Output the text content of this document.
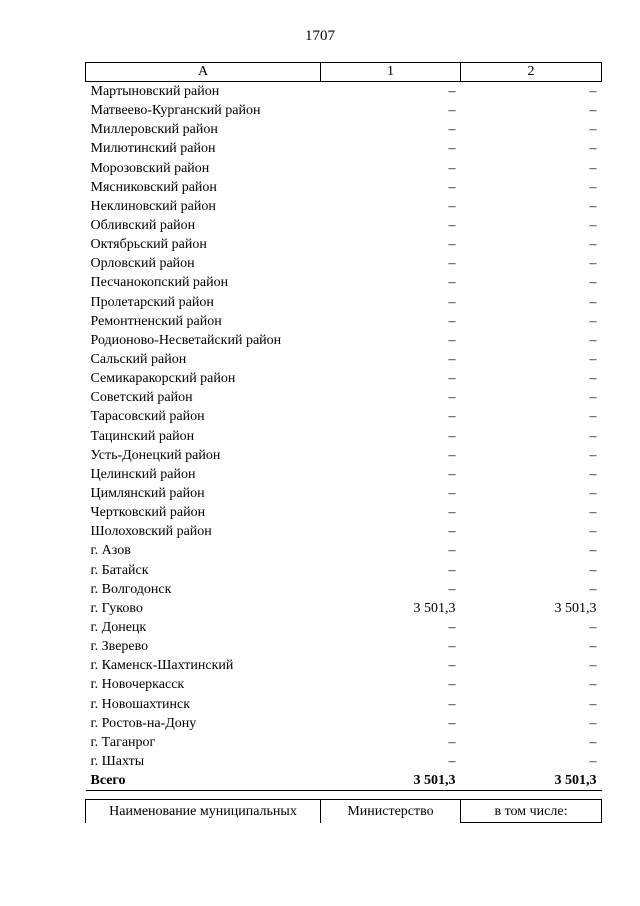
1707
А	1	2
Мартыновский район	–	–
Матвеево-Курганский район	–	–
Миллеровский район	–	–
Милютинский район	–	–
Морозовский район	–	–
Мясниковский район	–	–
Неклиновский район	–	–
Обливский район	–	–
Октябрьский район	–	–
Орловский район	–	–
Песчанокопский район	–	–
Пролетарский район	–	–
Ремонтненский район	–	–
Родионово-Несветайский район	–	–
Сальский район	–	–
Семикаракорский район	–	–
Советский район	–	–
Тарасовский район	–	–
Тацинский район	–	–
Усть-Донецкий район	–	–
Целинский район	–	–
Цимлянский район	–	–
Чертковский район	–	–
Шолоховский район	–	–
г. Азов	–	–
г. Батайск	–	–
г. Волгодонск	–	–
г. Гуково	3 501,3	3 501,3
г. Донецк	–	–
г. Зверево	–	–
г. Каменск-Шахтинский	–	–
г. Новочеркасск	–	–
г. Новошахтинск	–	–
г. Ростов-на-Дону	–	–
г. Таганрог	–	–
г. Шахты	–	–
Всего	3 501,3	3 501,3
Наименование муниципальных	Министерство	в том числе:
